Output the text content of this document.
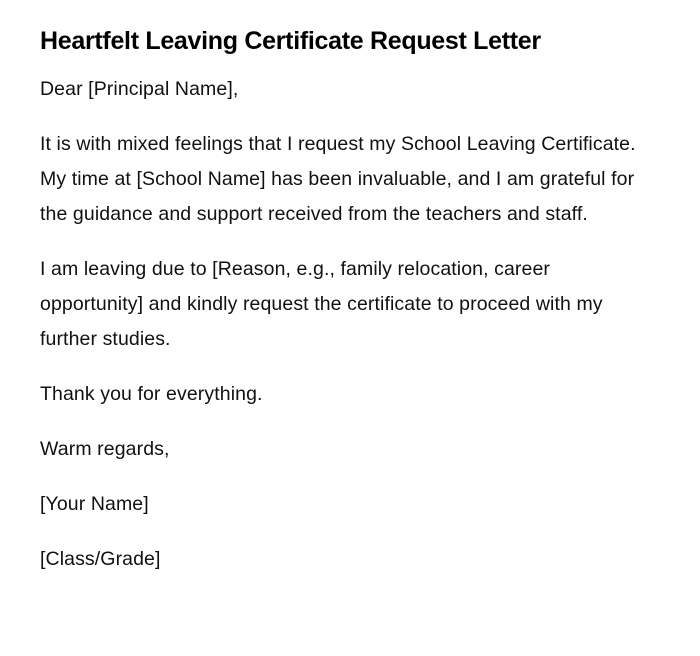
Heartfelt Leaving Certificate Request Letter

Dear [Principal Name],

It is with mixed feelings that I request my School Leaving Certificate. My time at [School Name] has been invaluable, and I am grateful for the guidance and support received from the teachers and staff.

I am leaving due to [Reason, e.g., family relocation, career opportunity] and kindly request the certificate to proceed with my further studies.

Thank you for everything.

Warm regards,

[Your Name]

[Class/Grade]
